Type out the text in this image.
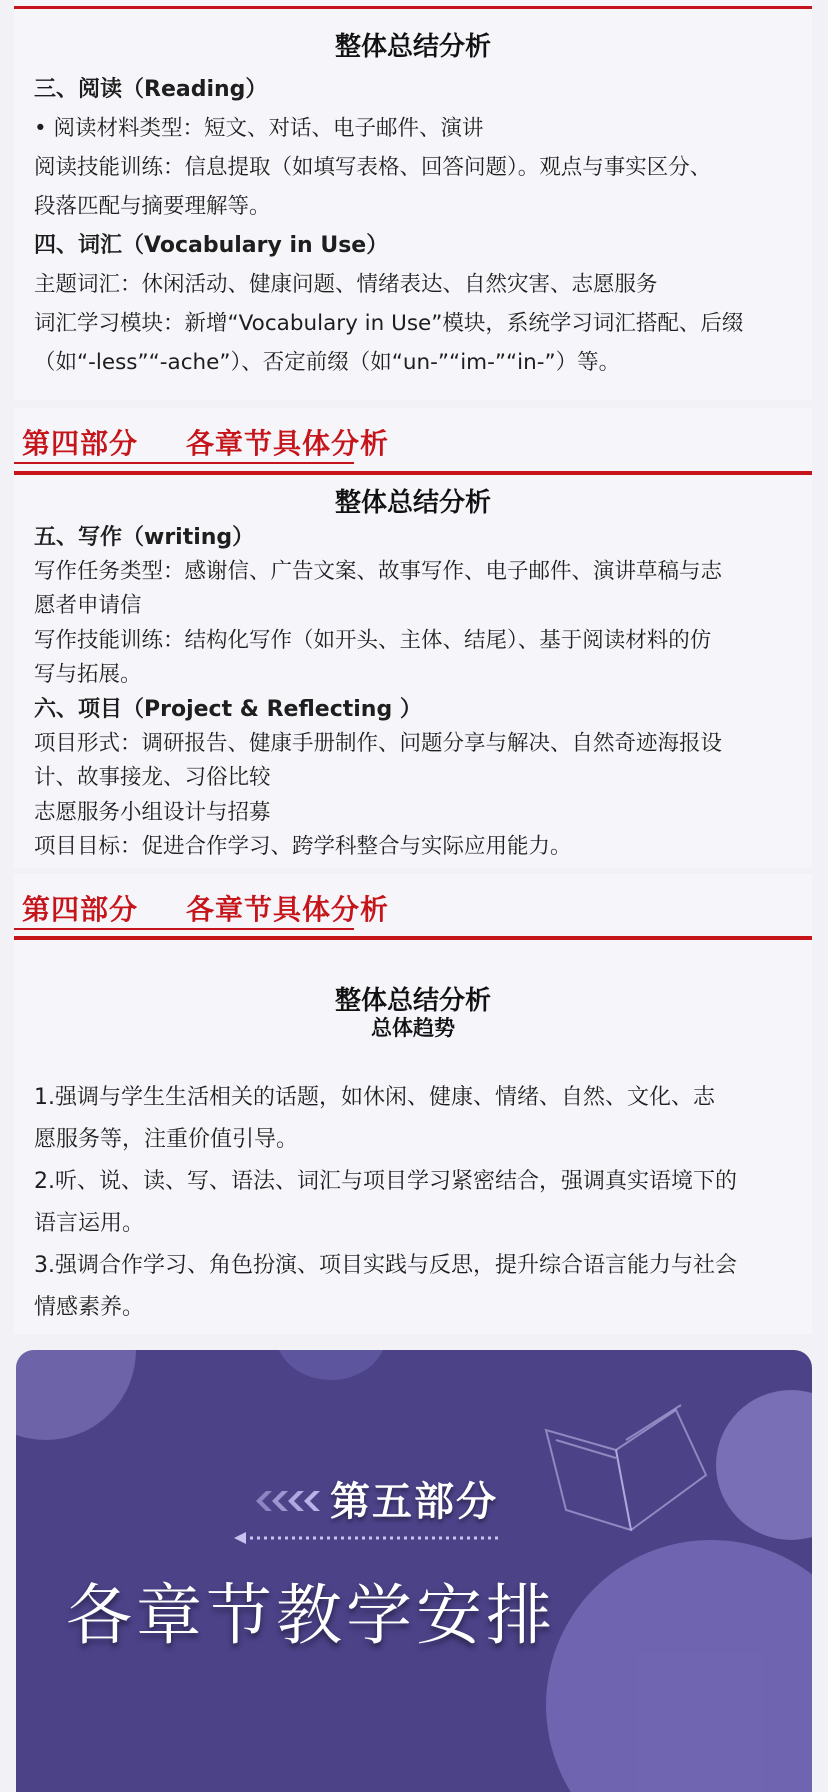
整体总结分析
三、阅读（Reading）
• 阅读材料类型：短文、对话、电子邮件、演讲
阅读技能训练：信息提取（如填写表格、回答问题）。观点与事实区分、
段落匹配与摘要理解等。
四、词汇（Vocabulary in Use）
主题词汇：休闲活动、健康问题、情绪表达、自然灾害、志愿服务
词汇学习模块：新增“Vocabulary in Use”模块，系统学习词汇搭配、后缀
（如“-less”“-ache”）、否定前缀（如“un-”“im-”“in-”）等。
第四部分 各章节具体分析
整体总结分析
五、写作（writing）
写作任务类型：感谢信、广告文案、故事写作、电子邮件、演讲草稿与志
愿者申请信
写作技能训练：结构化写作（如开头、主体、结尾）、基于阅读材料的仿
写与拓展。
六、项目（Project & Reflecting ）
项目形式：调研报告、健康手册制作、问题分享与解决、自然奇迹海报设
计、故事接龙、习俗比较
志愿服务小组设计与招募
项目目标：促进合作学习、跨学科整合与实际应用能力。
第四部分 各章节具体分析
整体总结分析
总体趋势
1.强调与学生生活相关的话题，如休闲、健康、情绪、自然、文化、志
愿服务等，注重价值引导。
2.听、说、读、写、语法、词汇与项目学习紧密结合，强调真实语境下的
语言运用。
3.强调合作学习、角色扮演、项目实践与反思，提升综合语言能力与社会
情感素养。
第五部分
各章节教学安排
